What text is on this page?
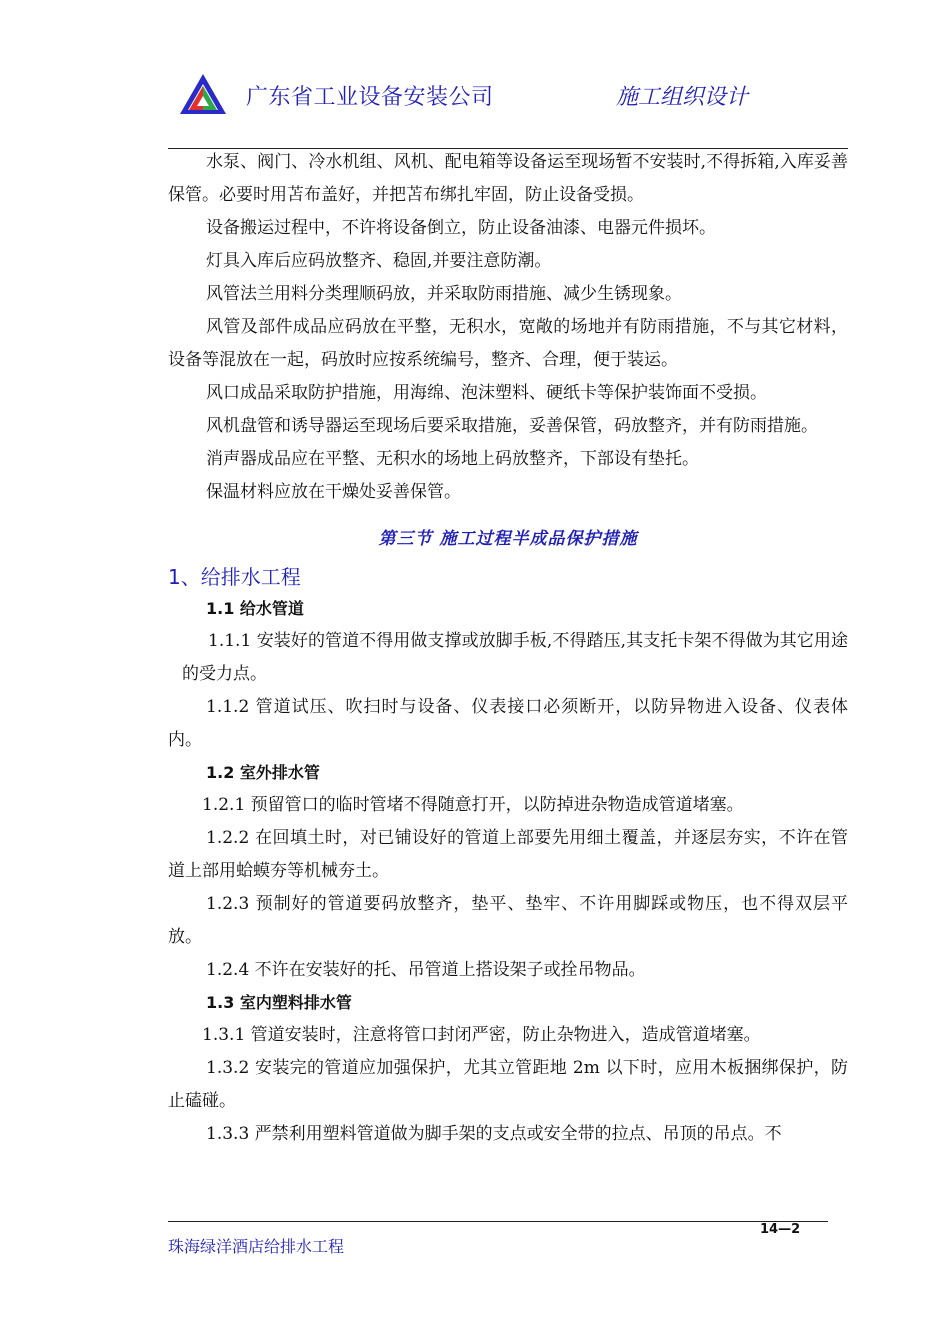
广东省工业设备安装公司	施工组织设计

水泵、阀门、冷水机组、风机、配电箱等设备运至现场暂不安装时,不得拆箱,入库妥善保管。必要时用苫布盖好，并把苫布绑扎牢固，防止设备受损。

设备搬运过程中，不许将设备倒立，防止设备油漆、电器元件损坏。

灯具入库后应码放整齐、稳固,并要注意防潮。

风管法兰用料分类理顺码放，并采取防雨措施、减少生锈现象。

风管及部件成品应码放在平整，无积水，宽敞的场地并有防雨措施，不与其它材料，设备等混放在一起，码放时应按系统编号，整齐、合理，便于装运。

风口成品采取防护措施，用海绵、泡沫塑料、硬纸卡等保护装饰面不受损。

风机盘管和诱导器运至现场后要采取措施，妥善保管，码放整齐，并有防雨措施。

消声器成品应在平整、无积水的场地上码放整齐，下部设有垫托。

保温材料应放在干燥处妥善保管。

第三节 施工过程半成品保护措施
1、给排水工程
1.1 给水管道

1.1.1 安装好的管道不得用做支撑或放脚手板,不得踏压,其支托卡架不得做为其它用途的受力点。

1.1.2 管道试压、吹扫时与设备、仪表接口必须断开，以防异物进入设备、仪表体内。

1.2 室外排水管

1.2.1 预留管口的临时管堵不得随意打开，以防掉进杂物造成管道堵塞。

1.2.2 在回填土时，对已铺设好的管道上部要先用细土覆盖，并逐层夯实，不许在管道上部用蛤蟆夯等机械夯土。

1.2.3 预制好的管道要码放整齐，垫平、垫牢、不许用脚踩或物压，也不得双层平放。

1.2.4 不许在安装好的托、吊管道上搭设架子或拴吊物品。

1.3 室内塑料排水管

1.3.1 管道安装时，注意将管口封闭严密，防止杂物进入，造成管道堵塞。

1.3.2 安装完的管道应加强保护，尤其立管距地 2m 以下时，应用木板捆绑保护，防止磕碰。

1.3.3 严禁利用塑料管道做为脚手架的支点或安全带的拉点、吊顶的吊点。不

14—2
珠海绿洋酒店给排水工程
